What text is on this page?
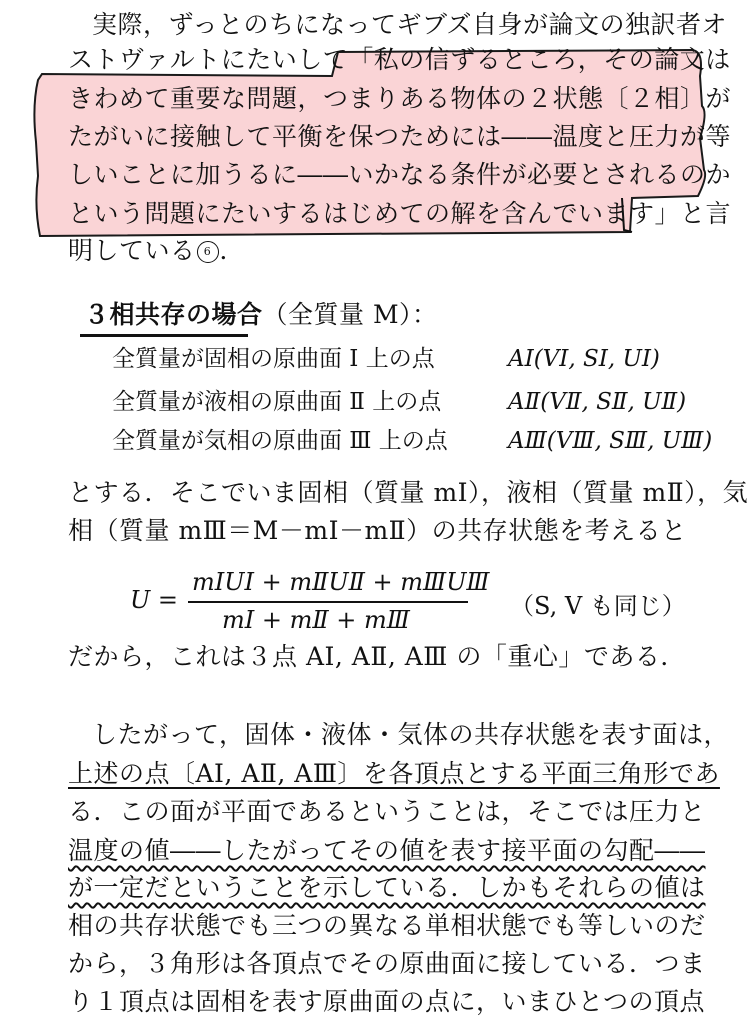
実際，ずっとのちになってギブズ自身が論文の独訳者オ
ストヴァルトにたいして「私の信ずるところ，その論文は
きわめて重要な問題，つまりある物体の２状態〔２相〕が
たがいに接触して平衡を保つためには――温度と圧力が等
しいことに加うるに――いかなる条件が必要とされるのか
という問題にたいするはじめての解を含んでいます」と言
明している 6 ．
３相共存の場合（全質量 M）：
全質量が固相の原曲面 Ⅰ 上の点	AⅠ(VⅠ, SⅠ, UⅠ)
全質量が液相の原曲面 Ⅱ 上の点	AⅡ(VⅡ, SⅡ, UⅡ)
全質量が気相の原曲面 Ⅲ 上の点	AⅢ(VⅢ, SⅢ, UⅢ)
とする．そこでいま固相（質量 mⅠ），液相（質量 mⅡ），気
相（質量 mⅢ＝M－mⅠ－mⅡ）の共存状態を考えると
U =
mⅠUⅠ + mⅡUⅡ + mⅢUⅢ
mⅠ + mⅡ + mⅢ	（S, V も同じ）
だから，これは３点 AⅠ, AⅡ, AⅢ の「重心」である．
したがって，固体・液体・気体の共存状態を表す面は，
上述の点〔AⅠ, AⅡ, AⅢ〕を各頂点とする平面三角形であ
る．この面が平面であるということは，そこでは圧力と
温度の値――したがってその値を表す接平面の勾配――
が一定だということを示している．しかもそれらの値は
相の共存状態でも三つの異なる単相状態でも等しいのだ
から，３角形は各頂点でその原曲面に接している．つま
り１頂点は固相を表す原曲面の点に，いまひとつの頂点
